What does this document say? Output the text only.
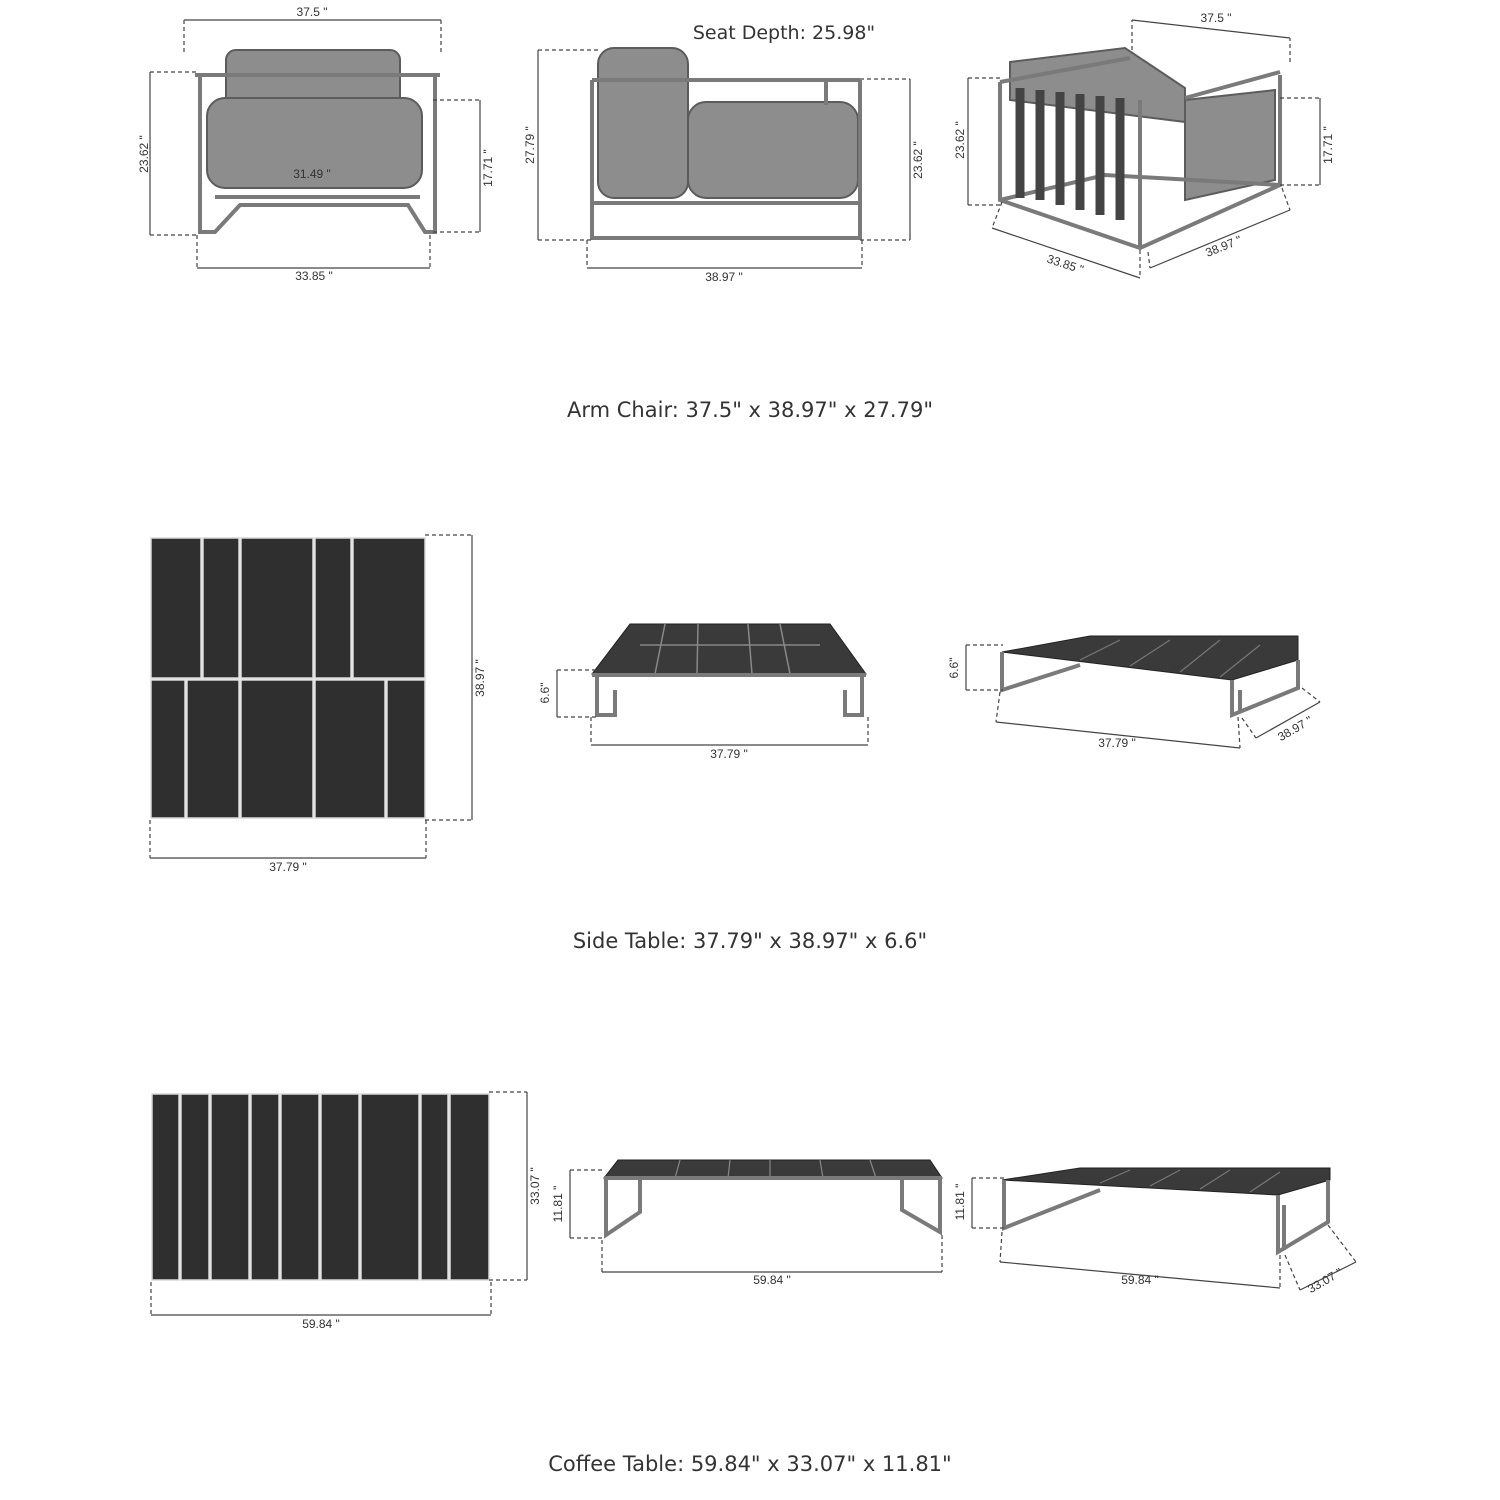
37.5 "
23.62 "	17.71 "
31.49 "
33.85 "
Seat Depth: 25.98"
27.79 "	23.62 "
38.97 "
37.5 "
23.62 "	17.71 "
33.85 "
38.97 "
38.97 "
37.79 "
6.6"
37.79 "
6.6"
37.79 "	38.97 "
33.07 "
59.84 "
11.81 "
59.84 "
11.81 "
59.84 "	33.07 "
Arm Chair: 37.5" x 38.97" x 27.79"
Side Table: 37.79" x 38.97" x 6.6"
Coffee Table: 59.84" x 33.07" x 11.81"
